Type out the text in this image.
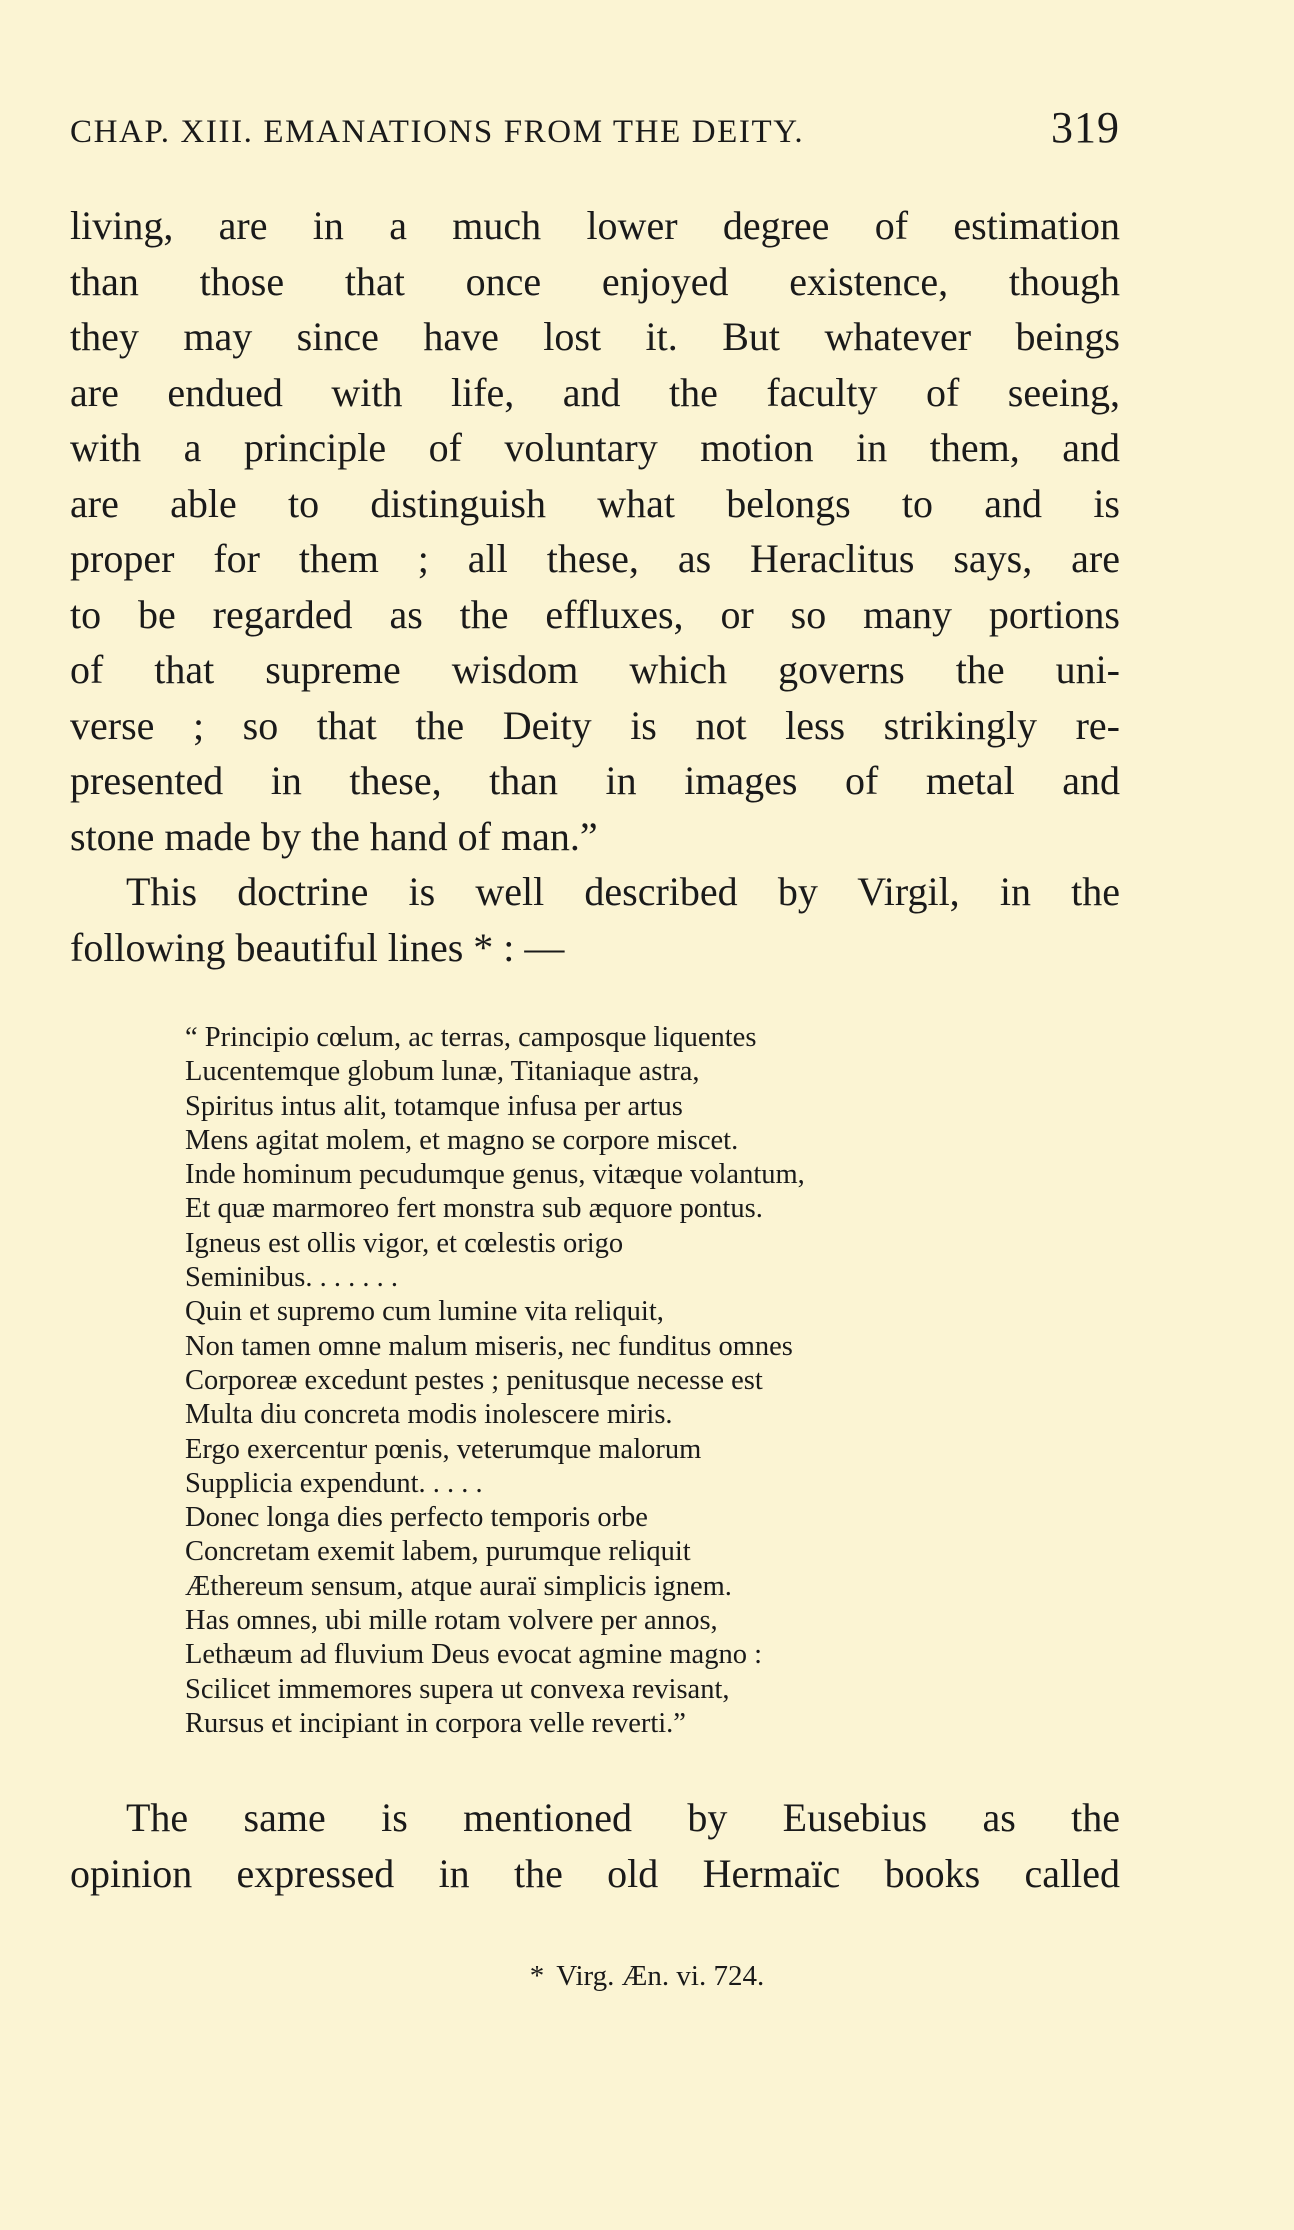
CHAP. XIII. EMANATIONS FROM THE DEITY.	319
living, are in a much lower degree of estimation
than those that once enjoyed existence, though
they may since have lost it. But whatever beings
are endued with life, and the faculty of seeing,
with a principle of voluntary motion in them, and
are able to distinguish what belongs to and is
proper for them ; all these, as Heraclitus says, are
to be regarded as the effluxes, or so many portions
of that supreme wisdom which governs the uni-
verse ; so that the Deity is not less strikingly re-
presented in these, than in images of metal and
stone made by the hand of man.”
This doctrine is well described by Virgil, in the
following beautiful lines * : —
“ Principio cœlum, ac terras, camposque liquentes
Lucentemque globum lunæ, Titaniaque astra,
Spiritus intus alit, totamque infusa per artus
Mens agitat molem, et magno se corpore miscet.
Inde hominum pecudumque genus, vitæque volantum,
Et quæ marmoreo fert monstra sub æquore pontus.
Igneus est ollis vigor, et cœlestis origo
Seminibus. . . . . . .
Quin et supremo cum lumine vita reliquit,
Non tamen omne malum miseris, nec funditus omnes
Corporeæ excedunt pestes ; penitusque necesse est
Multa diu concreta modis inolescere miris.
Ergo exercentur pœnis, veterumque malorum
Supplicia expendunt. . . . .
Donec longa dies perfecto temporis orbe
Concretam exemit labem, purumque reliquit
Æthereum sensum, atque auraï simplicis ignem.
Has omnes, ubi mille rotam volvere per annos,
Lethæum ad fluvium Deus evocat agmine magno :
Scilicet immemores supera ut convexa revisant,
Rursus et incipiant in corpora velle reverti.”
The same is mentioned by Eusebius as the
opinion expressed in the old Hermaïc books called
* Virg. Æn. vi. 724.
